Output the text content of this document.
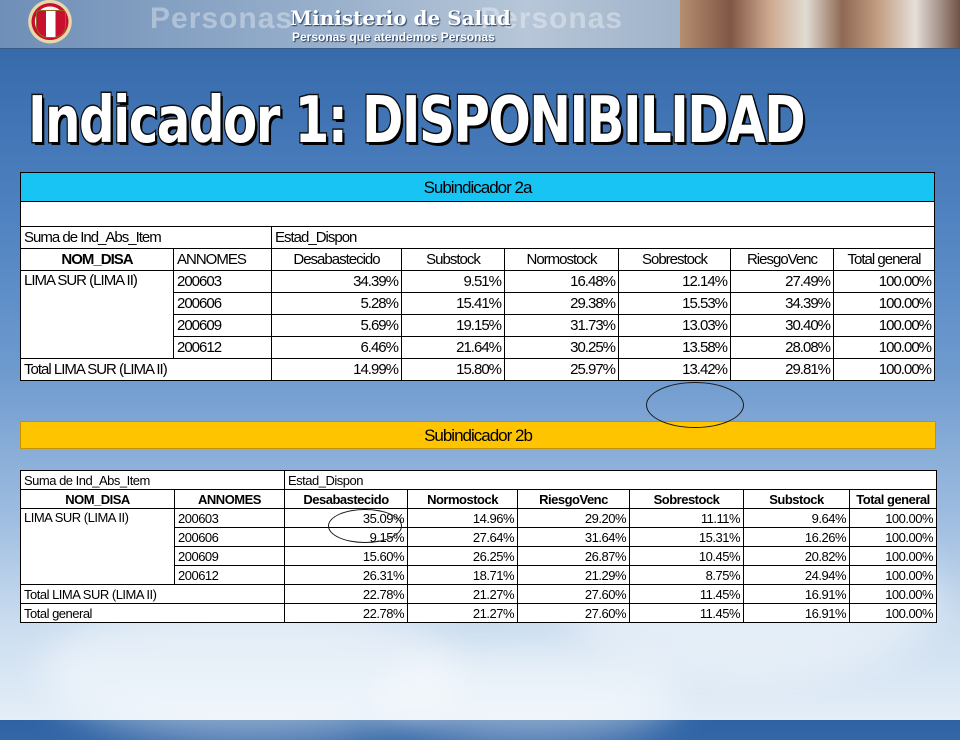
Personas	Personas
Ministerio de Salud
Personas que atendemos Personas
Indicador 1: DISPONIBILIDAD
Subindicador 2a							

Suma de Ind_Abs_Item		Estad_Dispon					
NOM_DISA	ANNOMES	Desabastecido	Substock	Normostock	Sobrestock	RiesgoVenc	Total general
LIMA SUR (LIMA II)	200603	34.39%	9.51%	16.48%	12.14%	27.49%	100.00%
	200606	5.28%	15.41%	29.38%	15.53%	34.39%	100.00%
	200609	5.69%	19.15%	31.73%	13.03%	30.40%	100.00%
	200612	6.46%	21.64%	30.25%	13.58%	28.08%	100.00%
Total LIMA SUR (LIMA II)		14.99%	15.80%	25.97%	13.42%	29.81%	100.00%
Subindicador 2b
Suma de Ind_Abs_Item		Estad_Dispon					
NOM_DISA	ANNOMES	Desabastecido	Normostock	RiesgoVenc	Sobrestock	Substock	Total general
LIMA SUR (LIMA II)	200603	35.09%	14.96%	29.20%	11.11%	9.64%	100.00%
	200606	9.15%	27.64%	31.64%	15.31%	16.26%	100.00%
	200609	15.60%	26.25%	26.87%	10.45%	20.82%	100.00%
	200612	26.31%	18.71%	21.29%	8.75%	24.94%	100.00%
Total LIMA SUR (LIMA II)		22.78%	21.27%	27.60%	11.45%	16.91%	100.00%
Total general		22.78%	21.27%	27.60%	11.45%	16.91%	100.00%
